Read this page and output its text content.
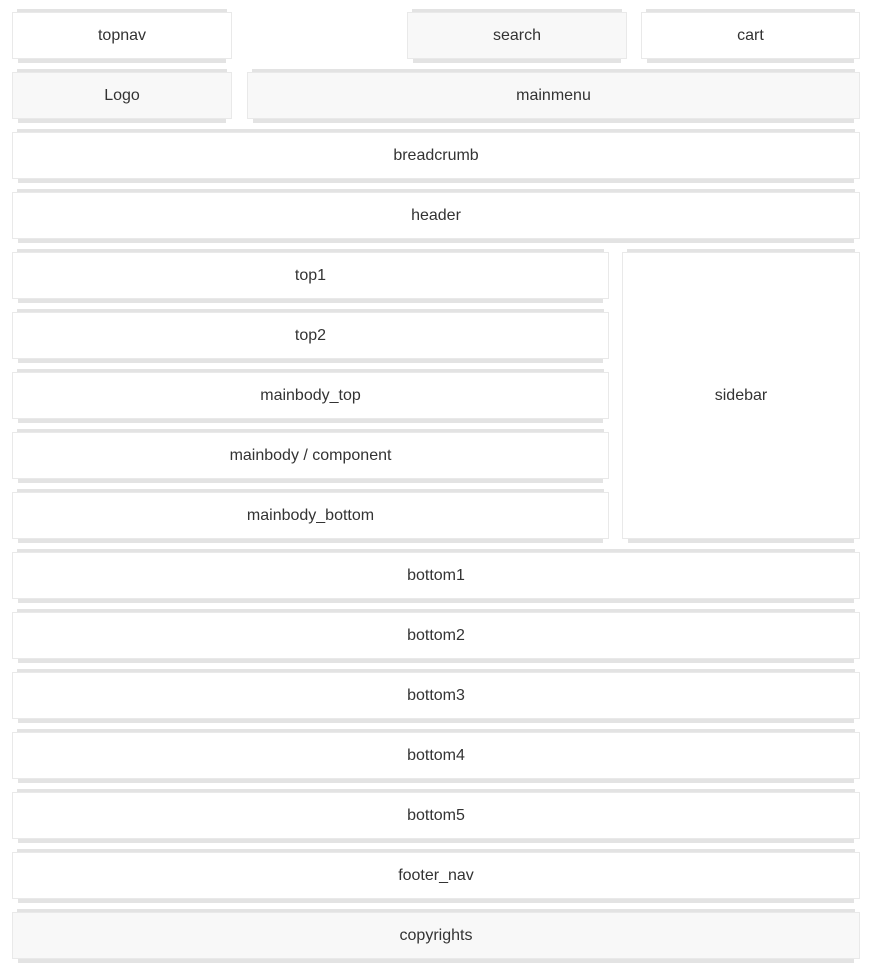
topnav	search	cart
Logo	mainmenu
breadcrumb
header
top1
top2
mainbody_top
mainbody / component
mainbody_bottom
sidebar
bottom1
bottom2
bottom3
bottom4
bottom5
footer_nav
copyrights
